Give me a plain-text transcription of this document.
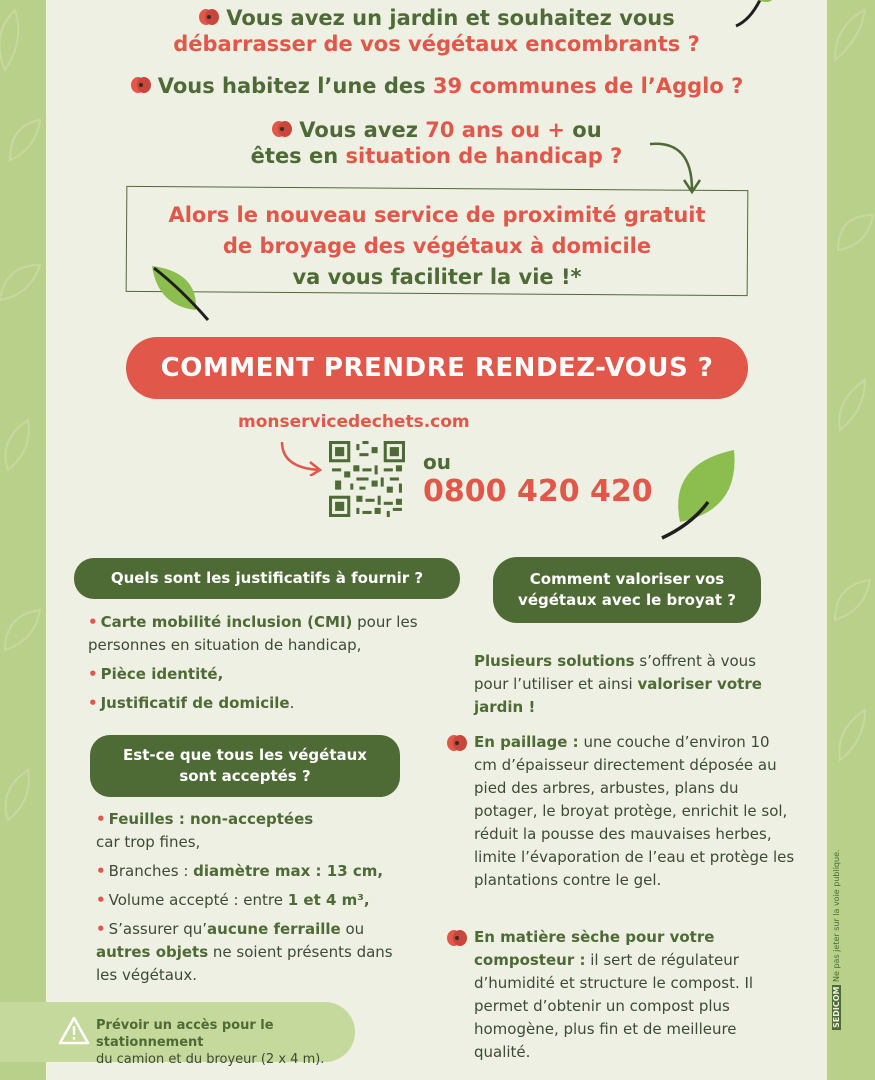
Vous avez un jardin et souhaitez vous
débarrasser de vos végétaux encombrants ?
Vous habitez l’une des 39 communes de l’Agglo ?
Vous avez 70 ans ou + ou
êtes en situation de handicap ?
Alors le nouveau service de proximité gratuit
de broyage des végétaux à domicile
va vous faciliter la vie !*
COMMENT PRENDRE RENDEZ-VOUS ?
monservicedechets.com
ou
0800 420 420
Quels sont les justificatifs à fournir ?
• Carte mobilité inclusion (CMI) pour les personnes en situation de handicap,
• Pièce identité,
• Justificatif de domicile.
Est-ce que tous les végétaux
sont acceptés ?
• Feuilles : non-acceptées
car trop fines,
• Branches : diamètre max : 13 cm,
• Volume accepté : entre 1 et 4 m³,
• S’assurer qu’aucune ferraille ou autres objets ne soient présents dans les végétaux.
Comment valoriser vos
végétaux avec le broyat ?
Plusieurs solutions s’offrent à vous pour l’utiliser et ainsi valoriser votre jardin !
En paillage : une couche d’environ 10 cm d’épaisseur directement déposée au pied des arbres, arbustes, plans du potager, le broyat protège, enrichit le sol, réduit la pousse des mauvaises herbes, limite l’évaporation de l’eau et protège les plantations contre le gel.
En matière sèche pour votre composteur : il sert de régulateur d’humidité et structure le compost. Il permet d’obtenir un compost plus homogène, plus fin et de meilleure qualité.
Prévoir un accès pour le stationnement
du camion et du broyeur (2 x 4 m).
SEDICOM Ne pas jeter sur la voie publique.
